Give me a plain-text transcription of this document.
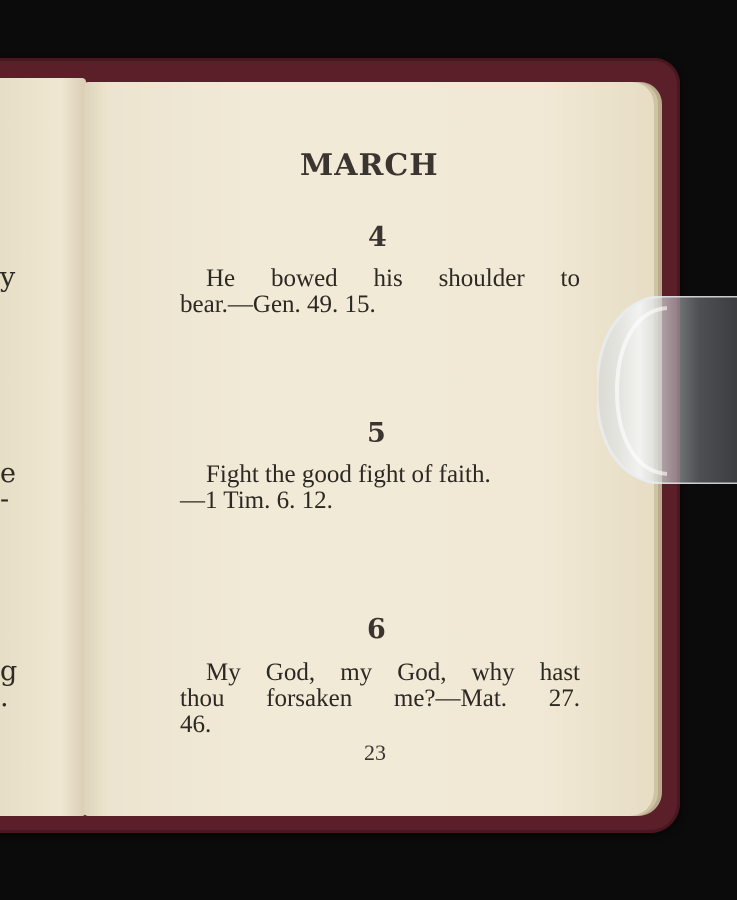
y

e

-

g

.

MARCH

4

He bowed his shoulder to
bear.—Gen. 49. 15.

5

Fight the good fight of faith.
—1 Tim. 6. 12.

6

My God, my God, why hast
thou forsaken me?—Mat. 27.
46.

23
